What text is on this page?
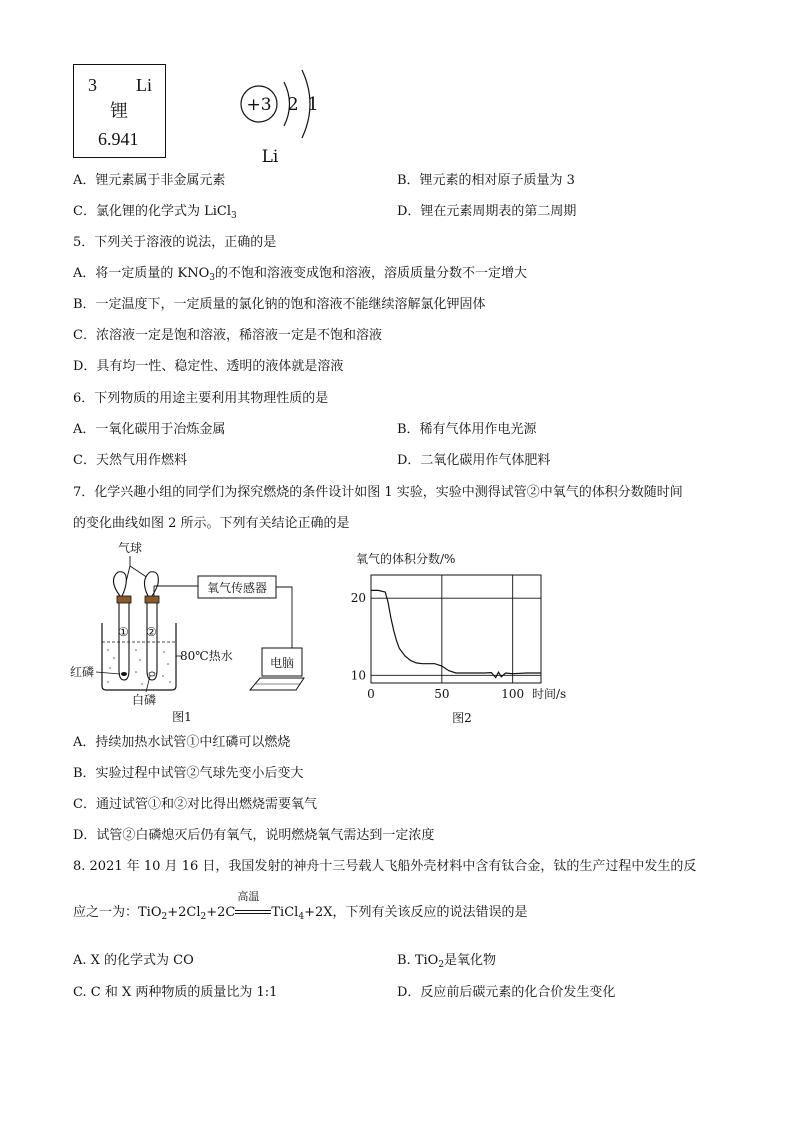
3 Li
锂
6.941
+3 2 1
Li
A．锂元素属于非金属元素	B．锂元素的相对原子质量为 3
C．氯化锂的化学式为 LiCl$_3$	D．锂在元素周期表的第二周期
5．下列关于溶液的说法，正确的是
A．将一定质量的 $KNO_3$的不饱和溶液变成饱和溶液，溶质质量分数不一定增大
B．一定温度下，一定质量的氯化钠的饱和溶液不能继续溶解氯化钾固体
C．浓溶液一定是饱和溶液，稀溶液一定是不饱和溶液
D．具有均一性、稳定性、透明的液体就是溶液
6．下列物质的用途主要利用其物理性质的是
A．一氧化碳用于冶炼金属	B．稀有气体用作电光源
C．天然气用作燃料	D．二氧化碳用作气体肥料
7．化学兴趣小组的同学们为探究燃烧的条件设计如图 1 实验，实验中测得试管②中氧气的体积分数随时间
的变化曲线如图 2 所示。下列有关结论正确的是
气球
① ②
氧气传感器
80℃热水
红磷
白磷
电脑
图1
氧气的体积分数/%
0	50	100
10
20
时间/s
图2
A．持续加热水试管①中红磷可以燃烧
B．实验过程中试管②气球先变小后变大
C．通过试管①和②对比得出燃烧需要氧气
D．试管②白磷熄灭后仍有氧气，说明燃烧氧气需达到一定浓度
8. 2021 年 10 月 16 日，我国发射的神舟十三号载人飞船外壳材料中含有钛合金，钛的生产过程中发生的反
应之一为：$TiO_2+2Cl_2+2C$
高温
TiCl$_4$+2X，下列有关该反应的说法错误的是
A. X 的化学式为 CO	B. TiO$_2$是氧化物
C. C 和 X 两种物质的质量比为 1:1	D．反应前后碳元素的化合价发生变化
